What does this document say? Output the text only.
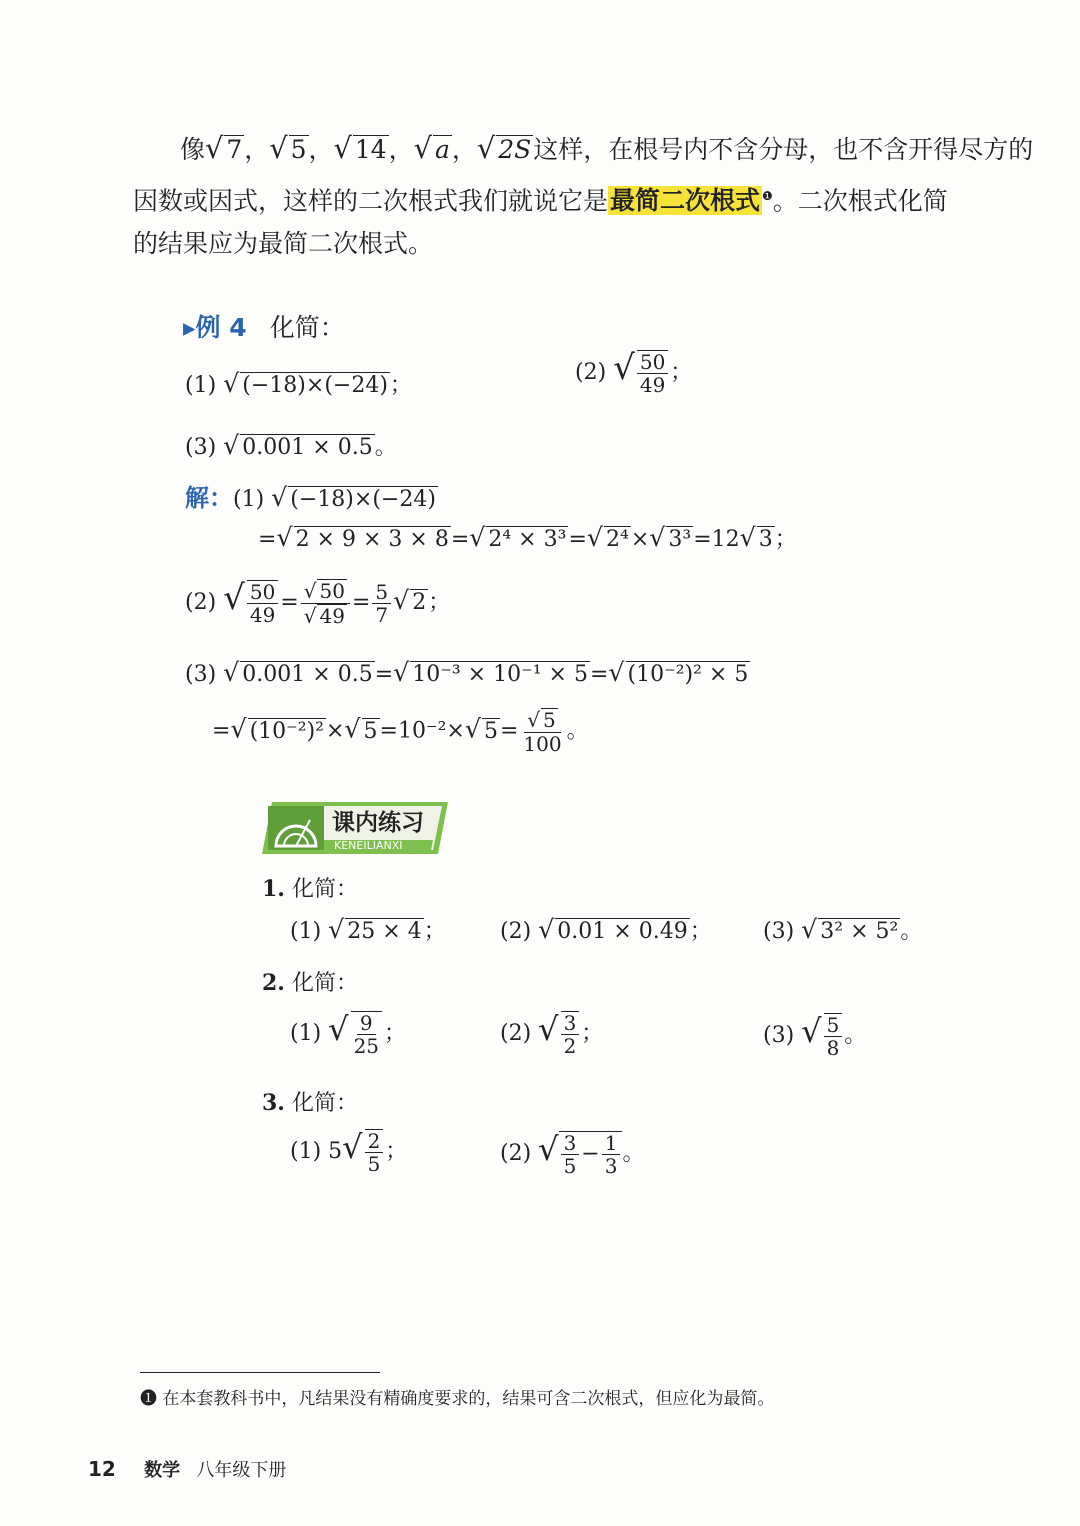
像√ 7，√ 5，√ 14，√ a，√ 2S这样，在根号内不含分母，也不含开得尽方的
因数或因式，这样的二次根式我们就说它是最简二次根式 $^❶$。二次根式化简
的结果应为最简二次根式。
▸例 4 化简：
(1) √ (−18)×(−24)；
(2) √ $\frac{50}{49}$ ；
(3) √ 0.001 × 0.5。
解：(1) √ (−18)×(−24)
=√ 2 × 9 × 3 × 8=√ 2⁴ × 3³=√ 2⁴×√ 3³=12√ 3；
(2) √ $\frac{50}{49} = \frac{√ 50}{√ 49} = \frac{5}{7}$ √ 2；
(3) √ 0.001 × 0.5=√ 10⁻³ × 10⁻¹ × 5=√ (10⁻²)² × 5
=√ (10⁻²)²×√ 5=10⁻²×√ $5= \frac{√ 5}{100}$ 。
课内练习
KENEILIANXI
1. 化简：
(1) √ 25 × 4； (2) √ 0.01 × 0.49； (3) √ 3² × 5²。
2. 化简：
(1) √ $\frac{9}{25}$ ；	(2) √ $\frac{3}{2}$ ；	(3) √ $\frac{5}{8}$ 。
3. 化简：
(1) $5√ \frac{2}{5}$ ；	(2) √ $\frac{3}{5} - \frac{1}{3}$ 。
❶ 在本套教科书中，凡结果没有精确度要求的，结果可含二次根式，但应化为最简。
12 数学 八年级下册
